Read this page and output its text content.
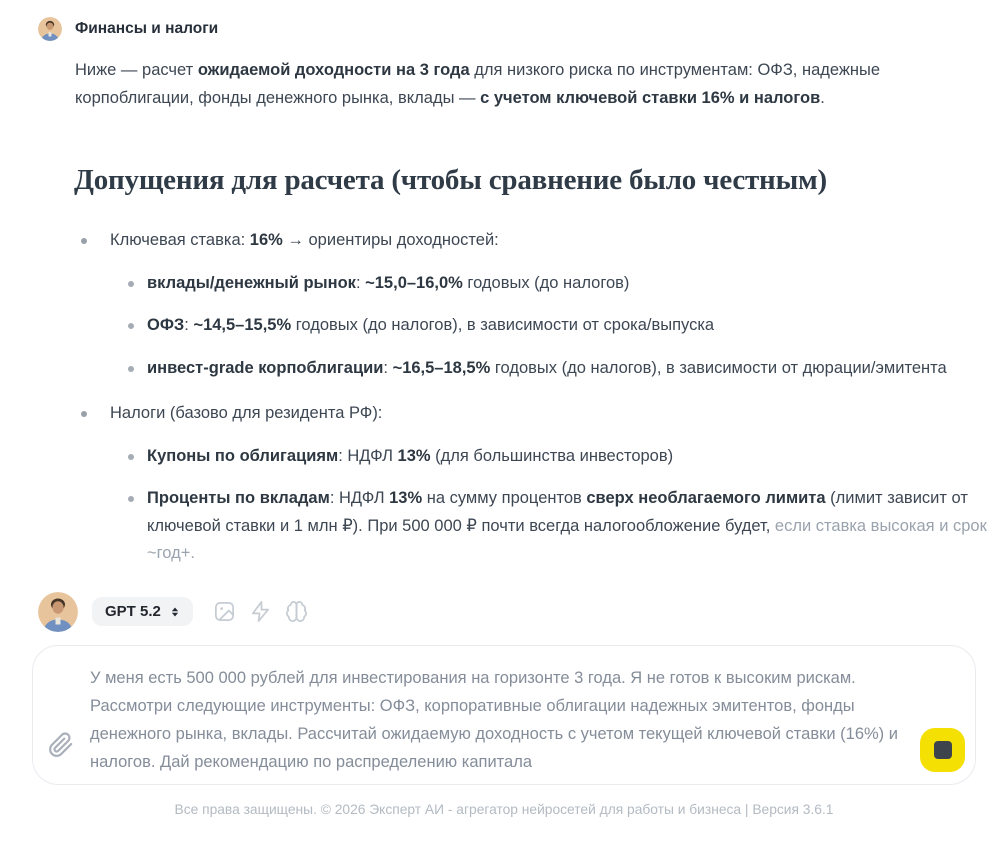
Финансы и налоги

Ниже — расчет ожидаемой доходности на 3 года для низкого риска по инструментам: ОФЗ, надежные корпоблигации, фонды денежного рынка, вклады — с учетом ключевой ставки 16% и налогов.

Допущения для расчета (чтобы сравнение было честным)
Ключевая ставка: 16% → ориентиры доходностей:
вклады/денежный рынок: ~15,0–16,0% годовых (до налогов)
ОФЗ: ~14,5–15,5% годовых (до налогов), в зависимости от срока/выпуска
инвест-grade корпоблигации: ~16,5–18,5% годовых (до налогов), в зависимости от дюрации/эмитента
Налоги (базово для резидента РФ):
Купоны по облигациям: НДФЛ 13% (для большинства инвесторов)
Проценты по вкладам: НДФЛ 13% на сумму процентов сверх необлагаемого лимита (лимит зависит от ключевой ставки и 1 млн ₽). При 500 000 ₽ почти всегда налогообложение будет, если ставка высокая и срок ~год+.
GPT 5.2
У меня есть 500 000 рублей для инвестирования на горизонте 3 года. Я не готов к высоким рискам. Рассмотри следующие инструменты: ОФЗ, корпоративные облигации надежных эмитентов, фонды денежного рынка, вклады. Рассчитай ожидаемую доходность с учетом текущей ключевой ставки (16%) и налогов. Дай рекомендацию по распределению капитала
Все права защищены. © 2026 Эксперт АИ - агрегатор нейросетей для работы и бизнеса | Версия 3.6.1
